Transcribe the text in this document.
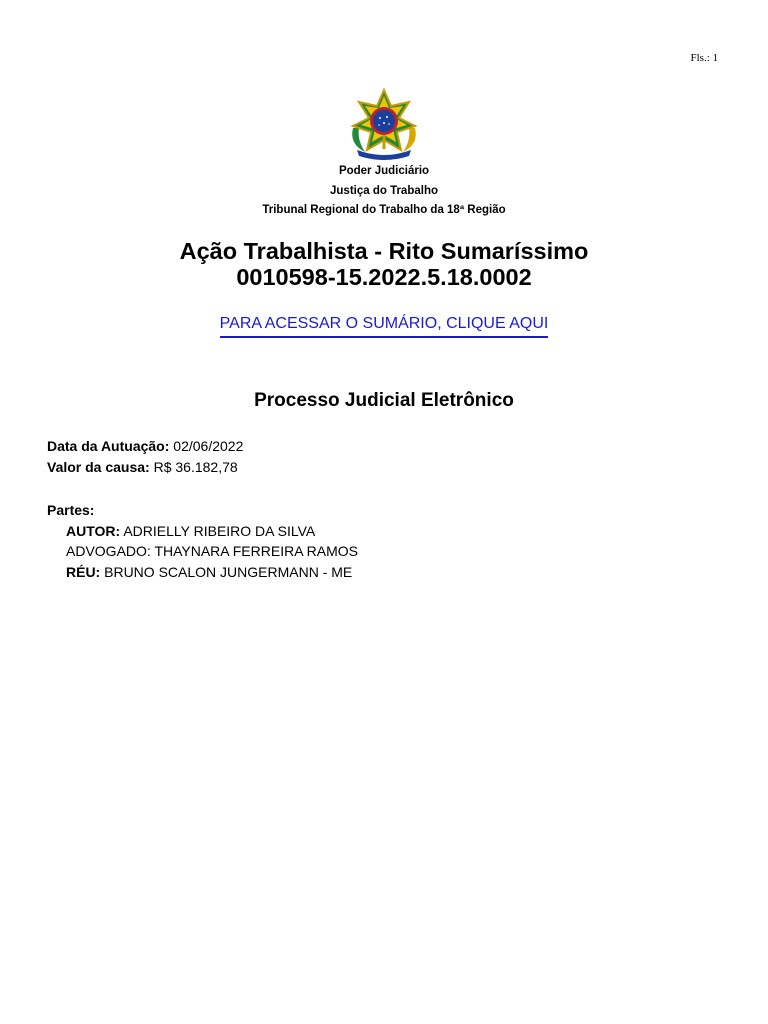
Fls.: 1
Poder Judiciário
Justiça do Trabalho
Tribunal Regional do Trabalho da 18ª Região
Ação Trabalhista - Rito Sumaríssimo
0010598-15.2022.5.18.0002
PARA ACESSAR O SUMÁRIO, CLIQUE AQUI
Processo Judicial Eletrônico
Data da Autuação: 02/06/2022
Valor da causa: R$ 36.182,78
Partes:
AUTOR: ADRIELLY RIBEIRO DA SILVA
ADVOGADO: THAYNARA FERREIRA RAMOS
RÉU: BRUNO SCALON JUNGERMANN - ME
